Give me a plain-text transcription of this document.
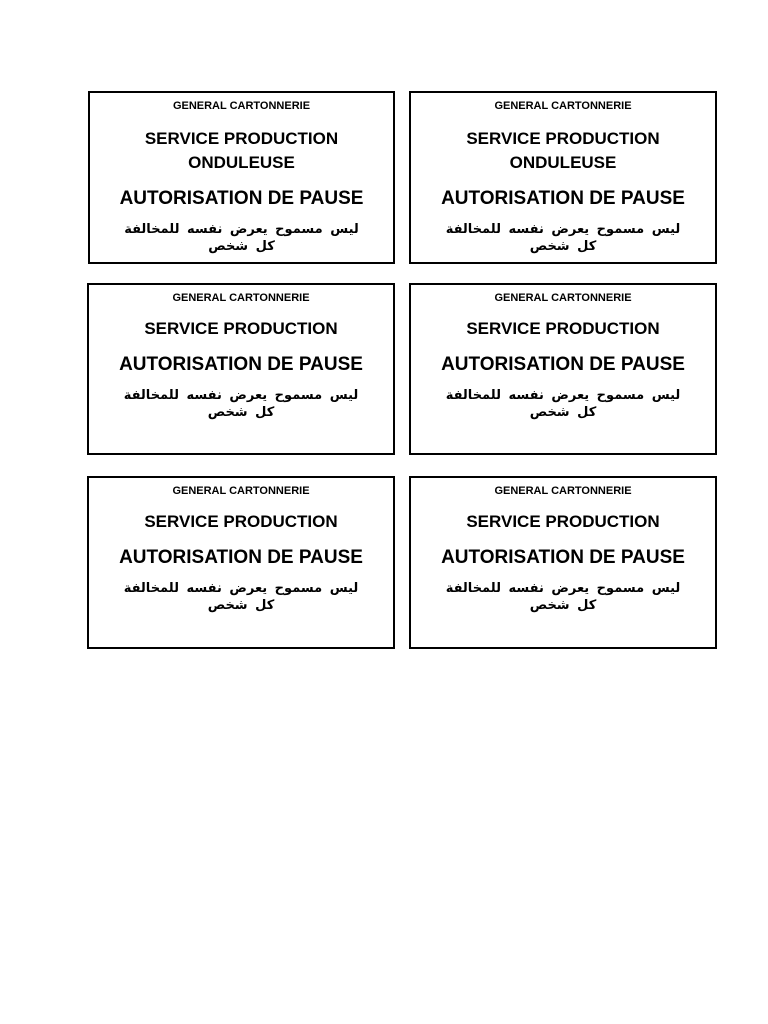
GENERAL CARTONNERIE
SERVICE PRODUCTION
ONDULEUSE
AUTORISATION DE PAUSE
ليس مسموح يعرض نفسه للمخالفة كل شخص
GENERAL CARTONNERIE
SERVICE PRODUCTION
ONDULEUSE
AUTORISATION DE PAUSE
ليس مسموح يعرض نفسه للمخالفة كل شخص
GENERAL CARTONNERIE
SERVICE PRODUCTION
AUTORISATION DE PAUSE
ليس مسموح يعرض نفسه للمخالفة كل شخص
GENERAL CARTONNERIE
SERVICE PRODUCTION
AUTORISATION DE PAUSE
ليس مسموح يعرض نفسه للمخالفة كل شخص
GENERAL CARTONNERIE
SERVICE PRODUCTION
AUTORISATION DE PAUSE
ليس مسموح يعرض نفسه للمخالفة كل شخص
GENERAL CARTONNERIE
SERVICE PRODUCTION
AUTORISATION DE PAUSE
ليس مسموح يعرض نفسه للمخالفة كل شخص
